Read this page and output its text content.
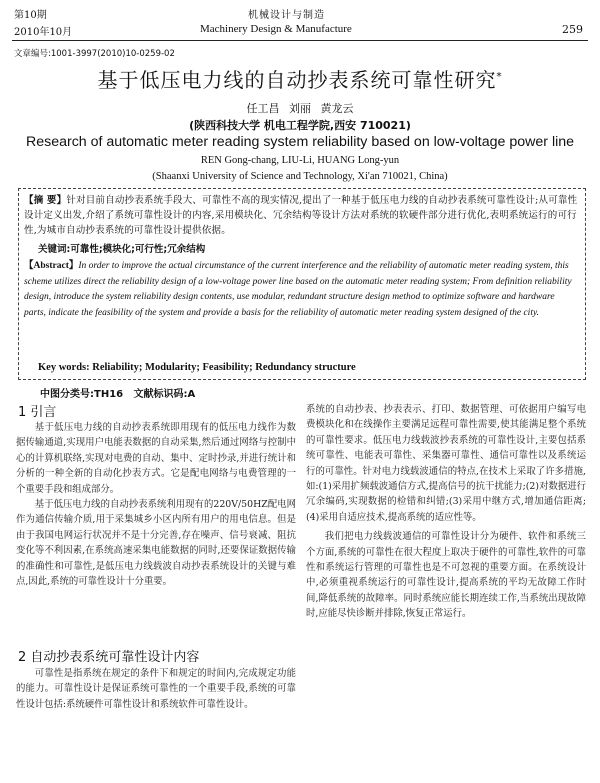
第10期	机械设计与制造
2010年10月	Machinery Design & Manufacture	259
文章编号:1001-3997(2010)10-0259-02
基于低压电力线的自动抄表系统可靠性研究*
任工昌 刘丽 黄龙云
(陕西科技大学 机电工程学院,西安 710021)
Research of automatic meter reading system reliability based on low-voltage power line
REN Gong-chang, LIU-Li, HUANG Long-yun
(Shaanxi University of Science and Technology, Xi'an 710021, China)
【摘 要】针对目前自动抄表系统手段大、可靠性不高的现实情况,提出了一种基于低压电力线的自动抄表系统可靠性设计;从可靠性设计定义出发,介绍了系统可靠性设计的内容,采用模块化、冗余结构等设计方法对系统的软硬件部分进行优化,表明系统运行的可行性,为城市自动抄表系统的可靠性设计提供依据。
关键词:可靠性;模块化;可行性;冗余结构
【Abstract】In order to improve the actual circumstance of the current interference and the reliability of automatic meter reading system, this scheme utilizes direct the reliability design of a low-voltage power line based on the automatic meter reading system; From definition reliability design, introduce the system reliability design contents, use modular, redundant structure design method to optimize software and hardware parts, indicate the feasibility of the system and provide a basis for the reliability of automatic meter reading system designed of the city.
Key words: Reliability; Modularity; Feasibility; Redundancy structure
中图分类号:TH16   文献标识码:A
1 引言

基于低压电力线的自动抄表系统即用现有的低压电力线作为数据传输通道,实现用户电能表数据的自动采集,然后通过网络与控制中心的计算机联络,实现对电费的自动、集中、定时抄录,并进行统计和分析的一种全新的自动化抄表方式。它是配电网络与电费管理的一个重要手段和组成部分。

基于低压电力线的自动抄表系统利用现有的220V/50HZ配电网作为通信传输介质,用于采集城乡小区内所有用户的用电信息。但是由于我国电网运行状况并不是十分完善,存在噪声、信号衰减、阻抗变化等不利因素,在系统高速采集电能数据的同时,还要保证数据传输的准确性和可靠性,是低压电力线载波自动抄表系统设计的关键与难点,因此,系统的可靠性设计十分重要。

2 自动抄表系统可靠性设计内容

可靠性是指系统在规定的条件下和规定的时间内,完成规定功能的能力。可靠性设计是保证系统可靠性的一个重要手段,系统的可靠性设计包括:系统硬件可靠性设计和系统软件可靠性设计。

系统的自动抄表、抄表表示、打印、数据管理、可依据用户编写电费模块化和在线操作主要满足远程可靠性需要,使其能满足整个系统的可靠性要求。低压电力线载波抄表系统的可靠性设计,主要包括系统可靠性、电能表可靠性、采集器可靠性、通信可靠性以及系统运行的可靠性。针对电力线载波通信的特点,在技术上采取了许多措施,如:(1)采用扩频载波通信方式,提高信号的抗干扰能力;(2)对数据进行冗余编码,实现数据的检错和纠错;(3)采用中继方式,增加通信距离;(4)采用自适应技术,提高系统的适应性等。

我们把电力线载波通信的可靠性设计分为硬件、软件和系统三个方面,系统的可靠性在很大程度上取决于硬件的可靠性,软件的可靠性和系统运行管理的可靠性也是不可忽视的重要方面。在系统设计中,必须重视系统运行的可靠性设计,提高系统的平均无故障工作时间,降低系统的故障率。同时系统应能长期连续工作,当系统出现故障时,应能尽快诊断并排除,恢复正常运行。
